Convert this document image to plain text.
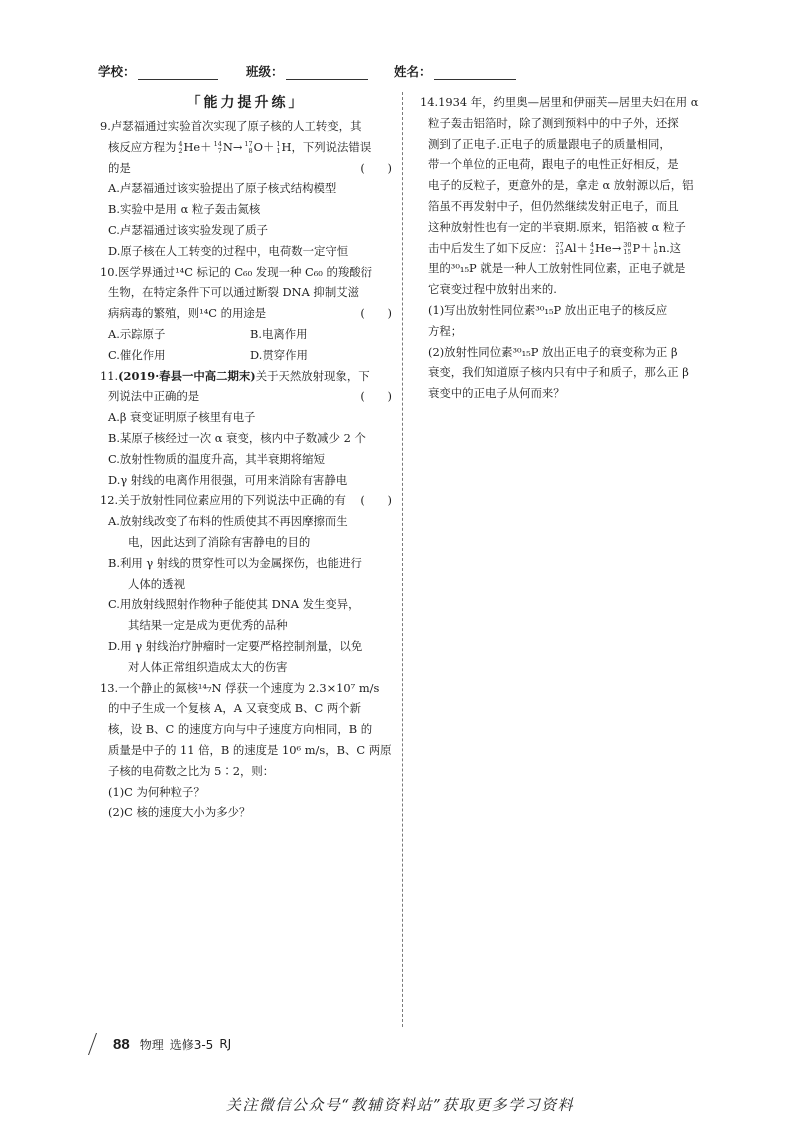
学校：	班级：	姓名：
「能力提升练」
9.卢瑟福通过实验首次实现了原子核的人工转变，其
核反应方程为 4
2 He＋ 14
7 N→ 17
8 O＋ 1
1 H，下列说法错误
的是	(　　)
A.卢瑟福通过该实验提出了原子核式结构模型
B.实验中是用 α 粒子轰击氮核
C.卢瑟福通过该实验发现了质子
D.原子核在人工转变的过程中，电荷数一定守恒
10.医学界通过¹⁴C 标记的 C₆₀ 发现一种 C₆₀ 的羧酸衍
生物，在特定条件下可以通过断裂 DNA 抑制艾滋
病病毒的繁殖，则¹⁴C 的用途是	(　　)
A.示踪原子	B.电离作用
C.催化作用	D.贯穿作用
11.(2019·春县一中高二期末)关于天然放射现象，下
列说法中正确的是	(　　)
A.β 衰变证明原子核里有电子
B.某原子核经过一次 α 衰变，核内中子数减少 2 个
C.放射性物质的温度升高，其半衰期将缩短
D.γ 射线的电离作用很强，可用来消除有害静电
12.关于放射性同位素应用的下列说法中正确的有 (　　)
A.放射线改变了布料的性质使其不再因摩擦而生
电，因此达到了消除有害静电的目的
B.利用 γ 射线的贯穿性可以为金属探伤，也能进行
人体的透视
C.用放射线照射作物种子能使其 DNA 发生变异，
其结果一定是成为更优秀的品种
D.用 γ 射线治疗肿瘤时一定要严格控制剂量，以免
对人体正常组织造成太大的伤害
13.一个静止的氮核¹⁴₇N 俘获一个速度为 2.3×10⁷ m/s
的中子生成一个复核 A，A 又衰变成 B、C 两个新
核，设 B、C 的速度方向与中子速度方向相同，B 的
质量是中子的 11 倍，B 的速度是 10⁶ m/s，B、C 两原
子核的电荷数之比为 5∶2，则：
(1)C 为何种粒子？
(2)C 核的速度大小为多少？
14.1934 年，约里奥—居里和伊丽芙—居里夫妇在用 α
粒子轰击铝箔时，除了测到预料中的中子外，还探
测到了正电子.正电子的质量跟电子的质量相同，
带一个单位的正电荷，跟电子的电性正好相反，是
电子的反粒子，更意外的是，拿走 α 放射源以后，铝
箔虽不再发射中子，但仍然继续发射正电子，而且
这种放射性也有一定的半衰期.原来，铝箔被 α 粒子
击中后发生了如下反应： 27
13 Al＋ 4
2 He→ 30
15 P＋ 1
0 n.这
里的³⁰₁₅P 就是一种人工放射性同位素，正电子就是
它衰变过程中放射出来的.
(1)写出放射性同位素³⁰₁₅P 放出正电子的核反应
方程；
(2)放射性同位素³⁰₁₅P 放出正电子的衰变称为正 β
衰变，我们知道原子核内只有中子和质子，那么正 β
衰变中的正电子从何而来？
88 物理 选修3-5 RJ
关注微信公众号“教辅资料站”获取更多学习资料
